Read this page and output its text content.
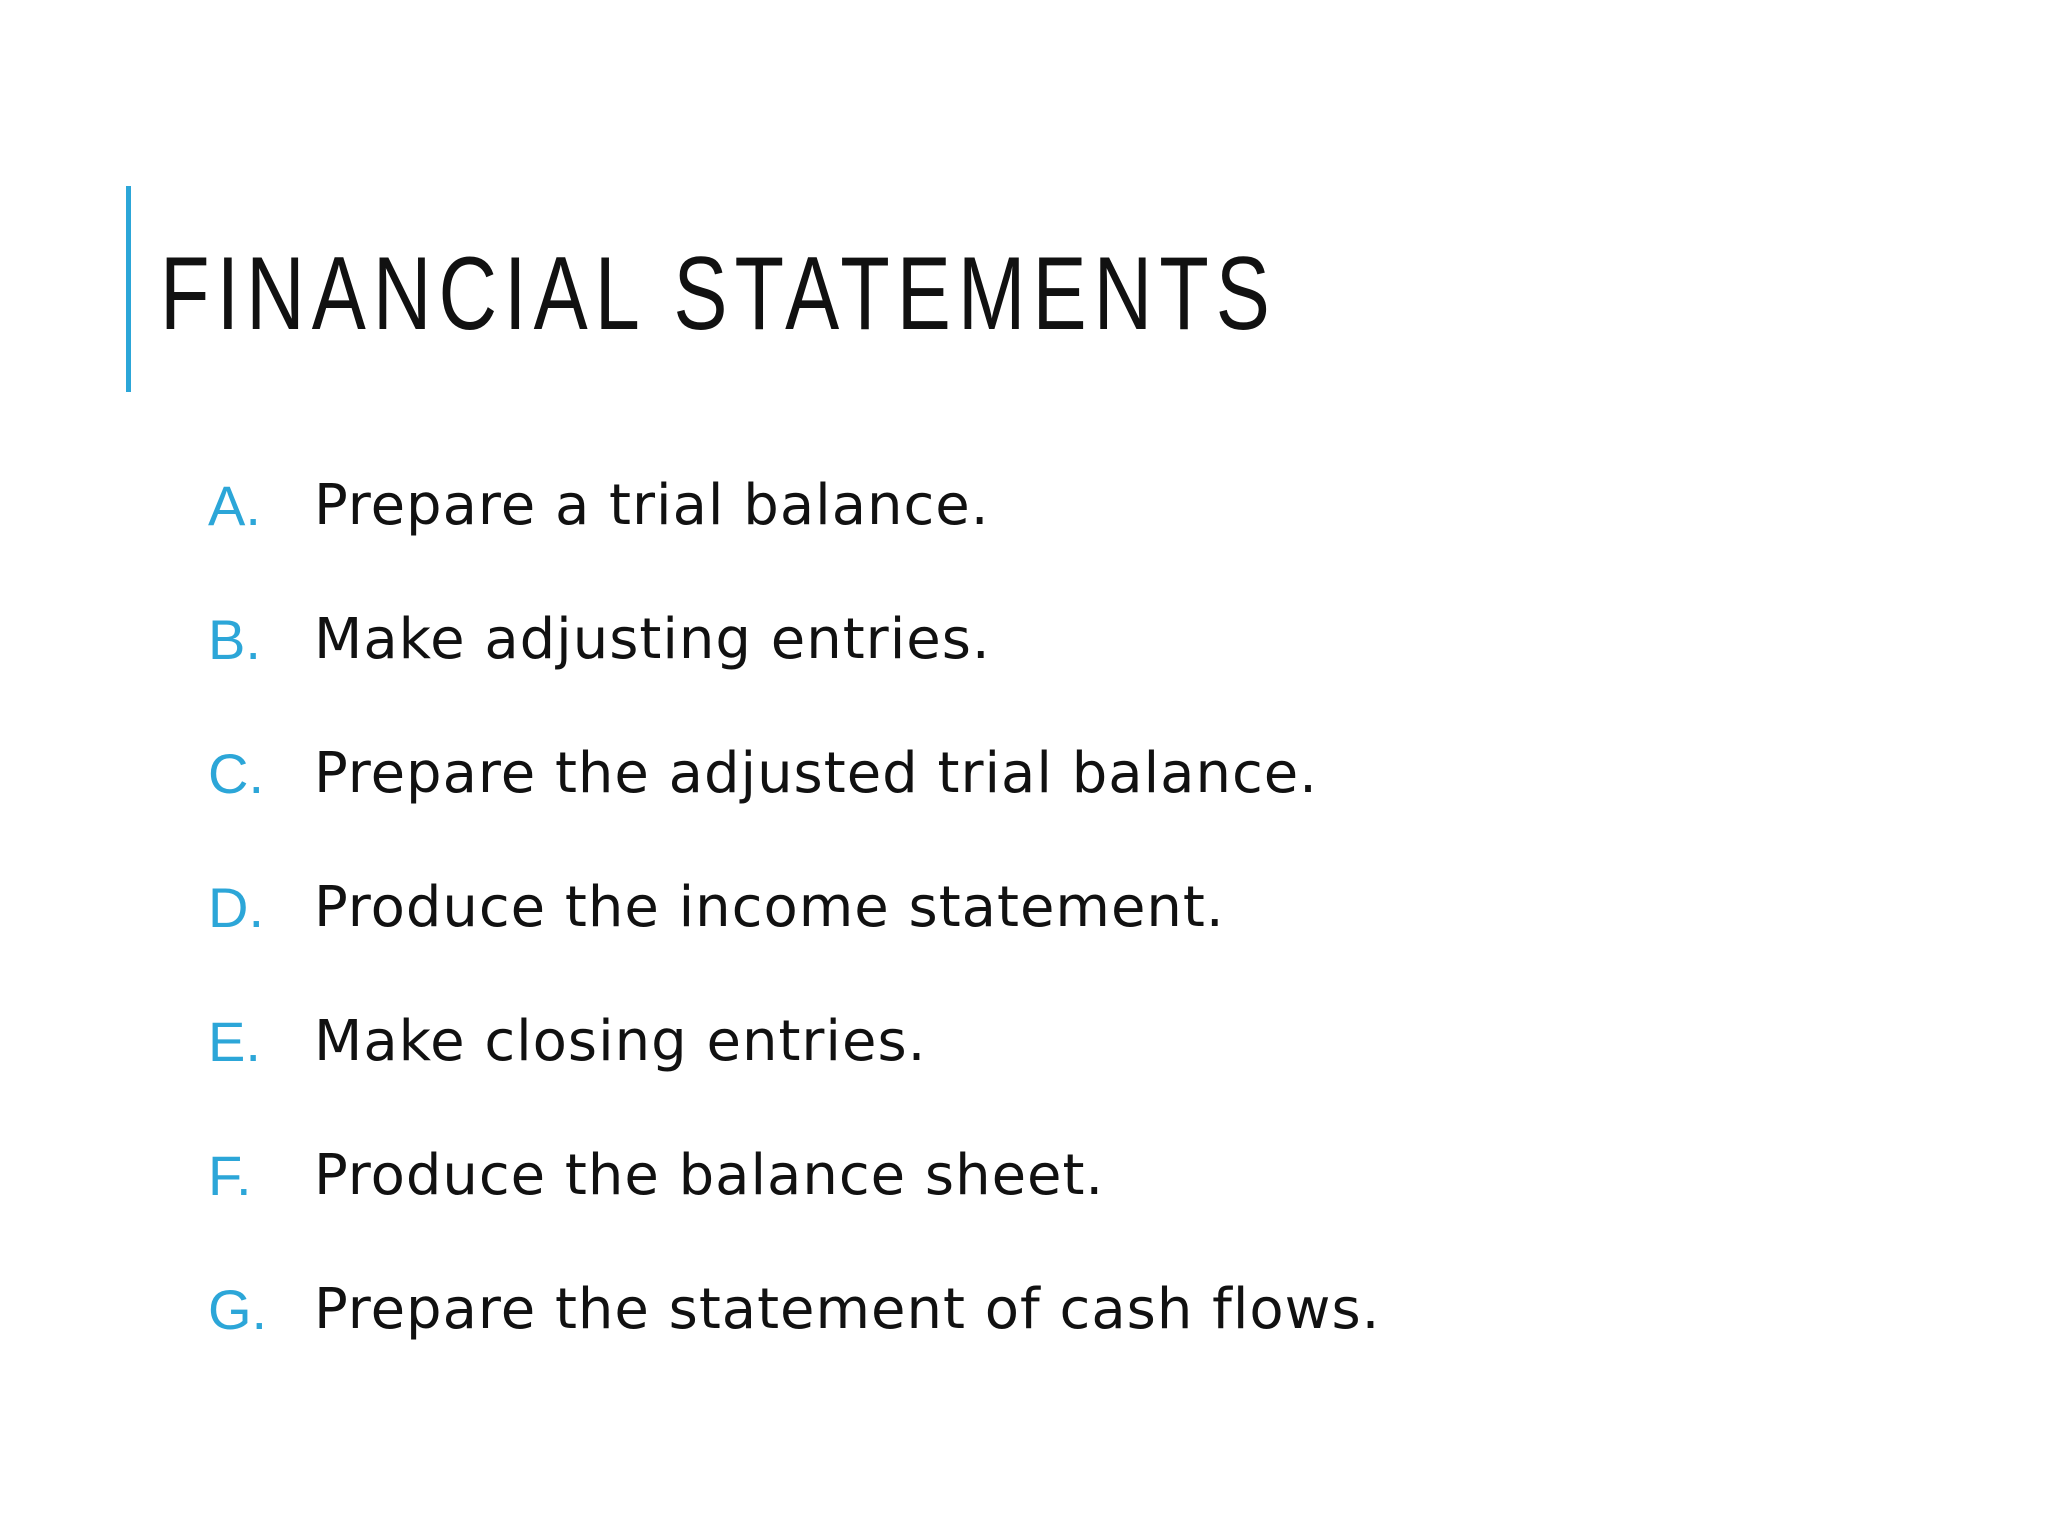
FINANCIAL STATEMENTS
A. Prepare a trial balance.
B. Make adjusting entries.
C. Prepare the adjusted trial balance.
D. Produce the income statement.
E. Make closing entries.
F.	Produce the balance sheet.
G. Prepare the statement of cash flows.
